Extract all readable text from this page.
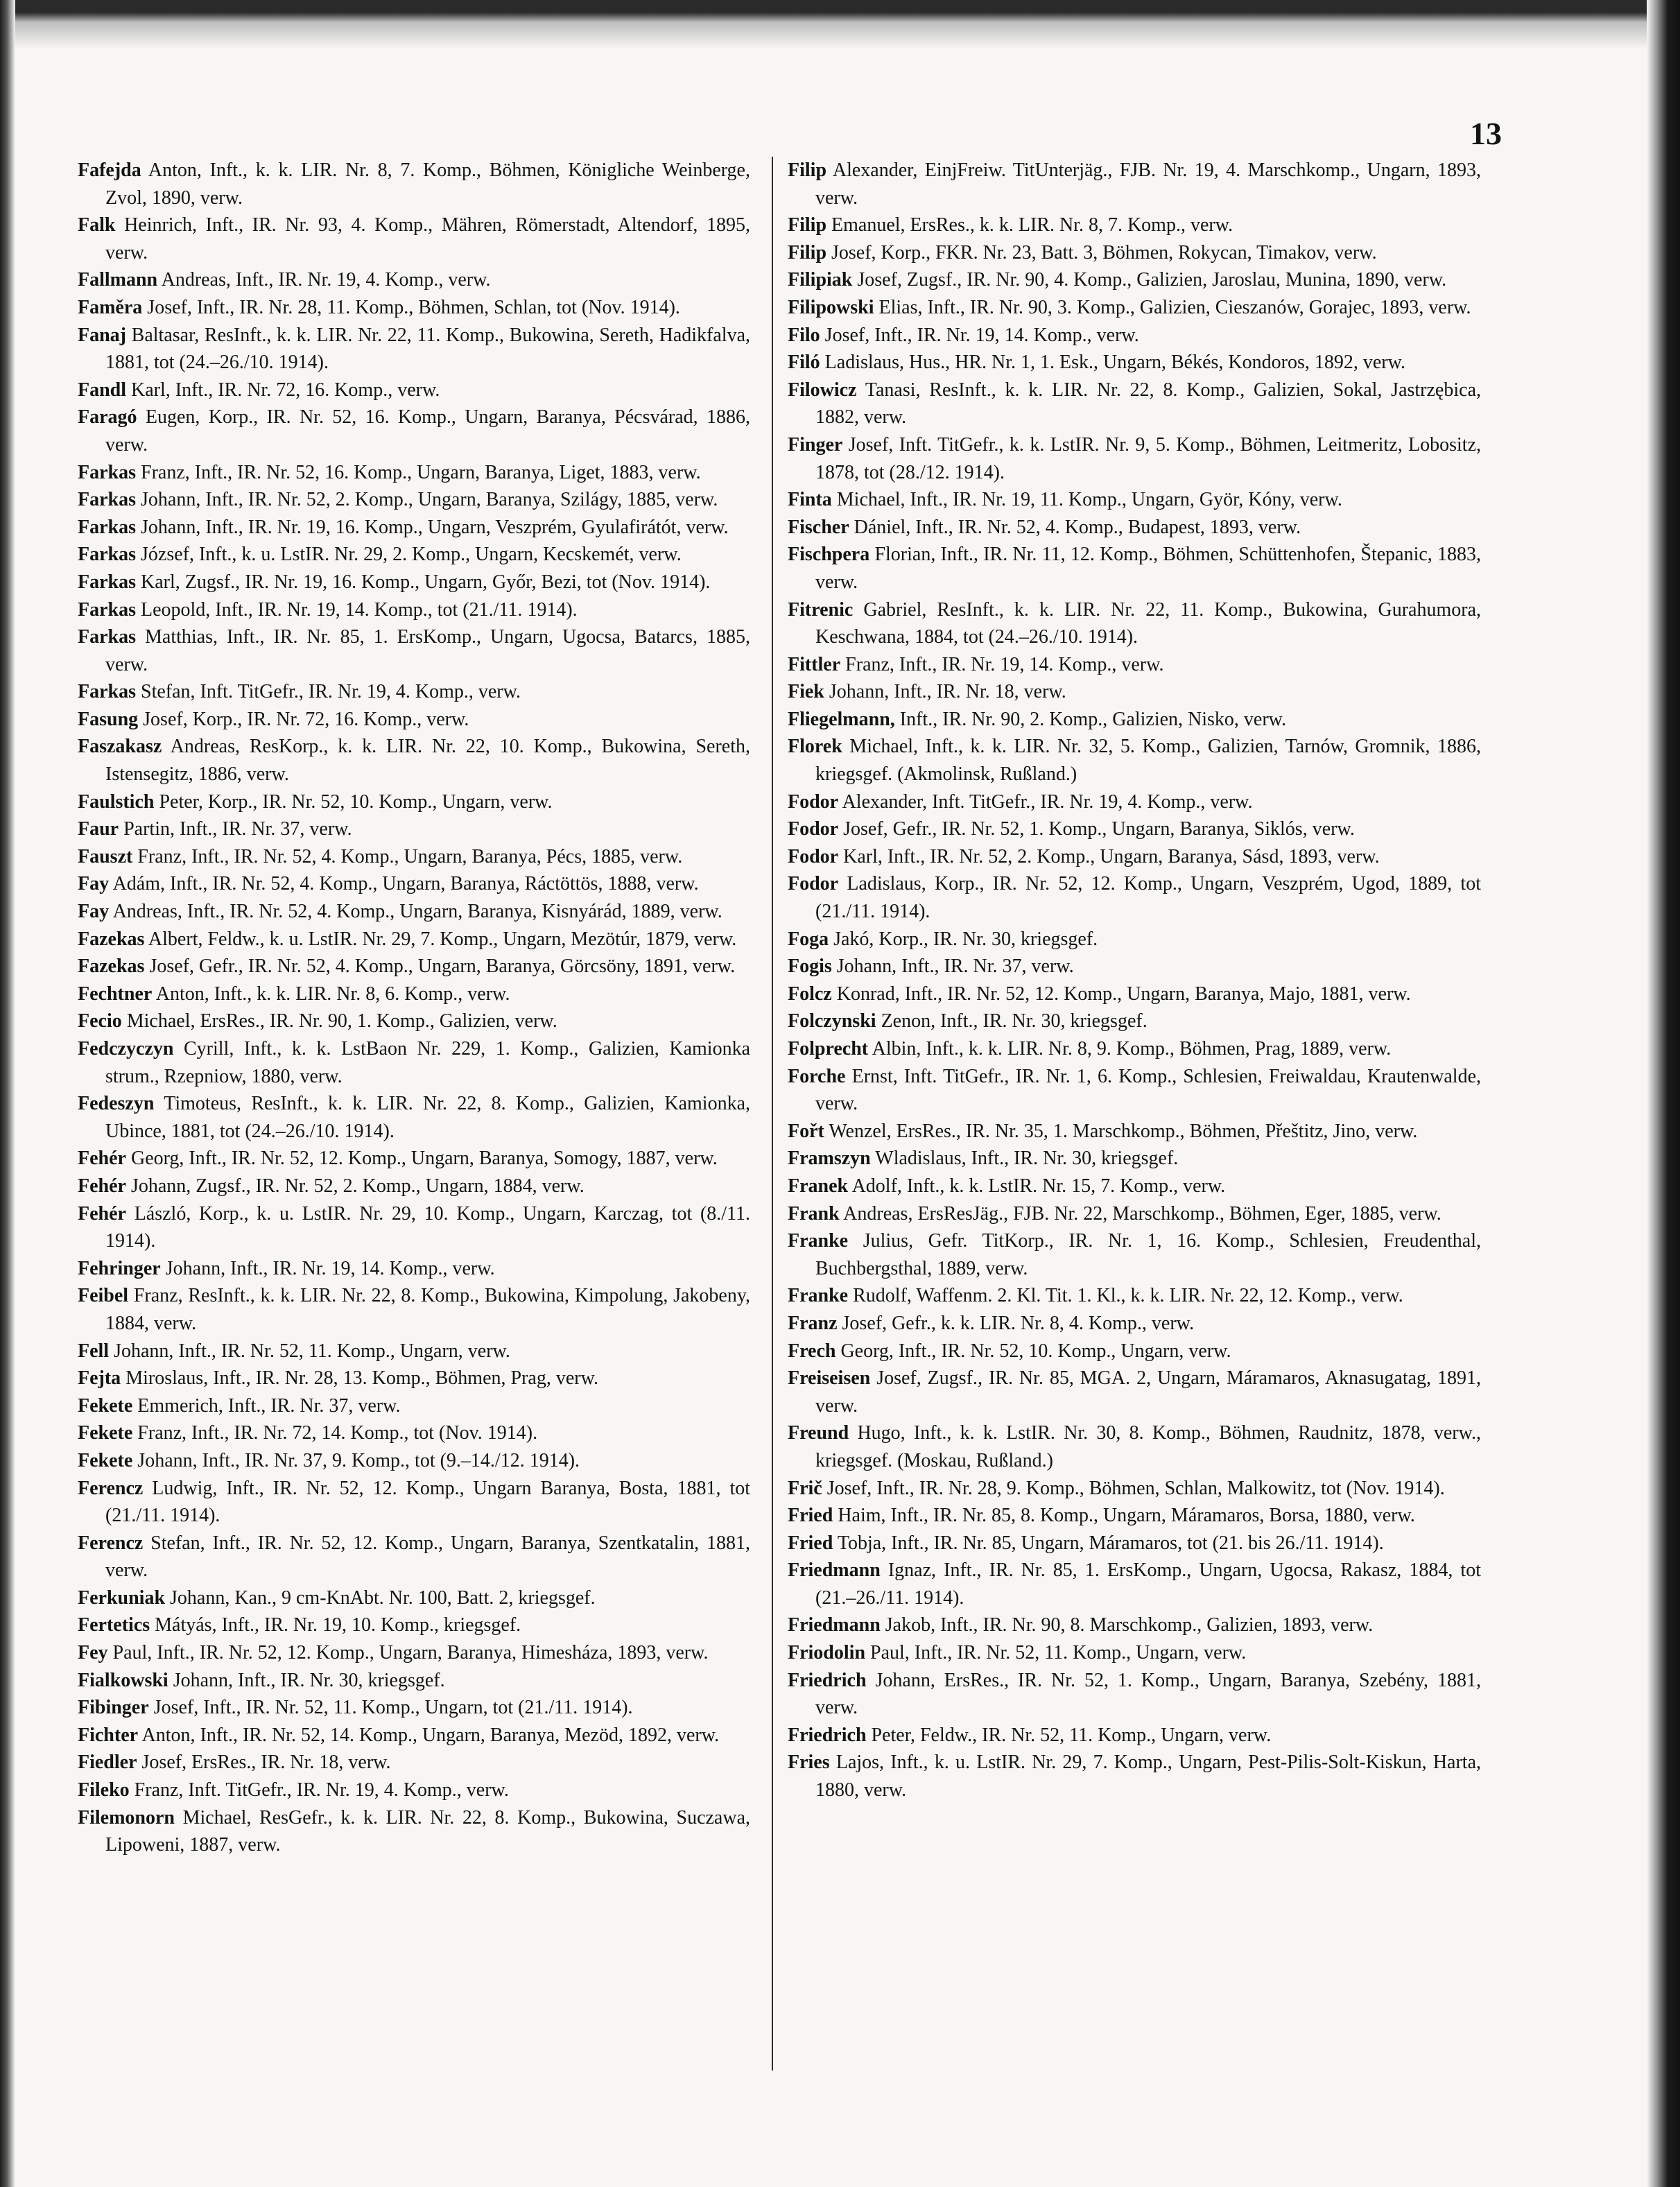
13

Fafejda Anton, Inft., k. k. LIR. Nr. 8, 7. Komp., Böhmen, Königliche Weinberge, Zvol, 1890, verw.

Falk Heinrich, Inft., IR. Nr. 93, 4. Komp., Mähren, Römerstadt, Altendorf, 1895, verw.

Fallmann Andreas, Inft., IR. Nr. 19, 4. Komp., verw.

Faměra Josef, Inft., IR. Nr. 28, 11. Komp., Böhmen, Schlan, tot (Nov. 1914).

Fanaj Baltasar, ResInft., k. k. LIR. Nr. 22, 11. Komp., Bukowina, Sereth, Hadikfalva, 1881, tot (24.–26./10. 1914).

Fandl Karl, Inft., IR. Nr. 72, 16. Komp., verw.

Faragó Eugen, Korp., IR. Nr. 52, 16. Komp., Ungarn, Baranya, Pécsvárad, 1886, verw.

Farkas Franz, Inft., IR. Nr. 52, 16. Komp., Ungarn, Baranya, Liget, 1883, verw.

Farkas Johann, Inft., IR. Nr. 52, 2. Komp., Ungarn, Baranya, Szilágy, 1885, verw.

Farkas Johann, Inft., IR. Nr. 19, 16. Komp., Ungarn, Veszprém, Gyulafirátót, verw.

Farkas József, Inft., k. u. LstIR. Nr. 29, 2. Komp., Ungarn, Kecskemét, verw.

Farkas Karl, Zugsf., IR. Nr. 19, 16. Komp., Ungarn, Győr, Bezi, tot (Nov. 1914).

Farkas Leopold, Inft., IR. Nr. 19, 14. Komp., tot (21./11. 1914).

Farkas Matthias, Inft., IR. Nr. 85, 1. ErsKomp., Ungarn, Ugocsa, Batarcs, 1885, verw.

Farkas Stefan, Inft. TitGefr., IR. Nr. 19, 4. Komp., verw.

Fasung Josef, Korp., IR. Nr. 72, 16. Komp., verw.

Faszakasz Andreas, ResKorp., k. k. LIR. Nr. 22, 10. Komp., Bukowina, Sereth, Istensegitz, 1886, verw.

Faulstich Peter, Korp., IR. Nr. 52, 10. Komp., Ungarn, verw.

Faur Partin, Inft., IR. Nr. 37, verw.

Fauszt Franz, Inft., IR. Nr. 52, 4. Komp., Ungarn, Baranya, Pécs, 1885, verw.

Fay Adám, Inft., IR. Nr. 52, 4. Komp., Ungarn, Baranya, Ráctöttös, 1888, verw.

Fay Andreas, Inft., IR. Nr. 52, 4. Komp., Ungarn, Baranya, Kisnyárád, 1889, verw.

Fazekas Albert, Feldw., k. u. LstIR. Nr. 29, 7. Komp., Ungarn, Mezötúr, 1879, verw.

Fazekas Josef, Gefr., IR. Nr. 52, 4. Komp., Ungarn, Baranya, Görcsöny, 1891, verw.

Fechtner Anton, Inft., k. k. LIR. Nr. 8, 6. Komp., verw.

Fecio Michael, ErsRes., IR. Nr. 90, 1. Komp., Galizien, verw.

Fedczyczyn Cyrill, Inft., k. k. LstBaon Nr. 229, 1. Komp., Galizien, Kamionka strum., Rzepniow, 1880, verw.

Fedeszyn Timoteus, ResInft., k. k. LIR. Nr. 22, 8. Komp., Galizien, Kamionka, Ubince, 1881, tot (24.–26./10. 1914).

Fehér Georg, Inft., IR. Nr. 52, 12. Komp., Ungarn, Baranya, Somogy, 1887, verw.

Fehér Johann, Zugsf., IR. Nr. 52, 2. Komp., Ungarn, 1884, verw.

Fehér László, Korp., k. u. LstIR. Nr. 29, 10. Komp., Ungarn, Karczag, tot (8./11. 1914).

Fehringer Johann, Inft., IR. Nr. 19, 14. Komp., verw.

Feibel Franz, ResInft., k. k. LIR. Nr. 22, 8. Komp., Bukowina, Kimpolung, Jakobeny, 1884, verw.

Fell Johann, Inft., IR. Nr. 52, 11. Komp., Ungarn, verw.

Fejta Miroslaus, Inft., IR. Nr. 28, 13. Komp., Böhmen, Prag, verw.

Fekete Emmerich, Inft., IR. Nr. 37, verw.

Fekete Franz, Inft., IR. Nr. 72, 14. Komp., tot (Nov. 1914).

Fekete Johann, Inft., IR. Nr. 37, 9. Komp., tot (9.–14./12. 1914).

Ferencz Ludwig, Inft., IR. Nr. 52, 12. Komp., Ungarn Baranya, Bosta, 1881, tot (21./11. 1914).

Ferencz Stefan, Inft., IR. Nr. 52, 12. Komp., Ungarn, Baranya, Szentkatalin, 1881, verw.

Ferkuniak Johann, Kan., 9 cm-KnAbt. Nr. 100, Batt. 2, kriegsgef.

Fertetics Mátyás, Inft., IR. Nr. 19, 10. Komp., kriegsgef.

Fey Paul, Inft., IR. Nr. 52, 12. Komp., Ungarn, Baranya, Himesháza, 1893, verw.

Fialkowski Johann, Inft., IR. Nr. 30, kriegsgef.

Fibinger Josef, Inft., IR. Nr. 52, 11. Komp., Ungarn, tot (21./11. 1914).

Fichter Anton, Inft., IR. Nr. 52, 14. Komp., Ungarn, Baranya, Mezöd, 1892, verw.

Fiedler Josef, ErsRes., IR. Nr. 18, verw.

Fileko Franz, Inft. TitGefr., IR. Nr. 19, 4. Komp., verw.

Filemonorn Michael, ResGefr., k. k. LIR. Nr. 22, 8. Komp., Bukowina, Suczawa, Lipoweni, 1887, verw.

Filip Alexander, EinjFreiw. TitUnterjäg., FJB. Nr. 19, 4. Marschkomp., Ungarn, 1893, verw.

Filip Emanuel, ErsRes., k. k. LIR. Nr. 8, 7. Komp., verw.

Filip Josef, Korp., FKR. Nr. 23, Batt. 3, Böhmen, Rokycan, Timakov, verw.

Filipiak Josef, Zugsf., IR. Nr. 90, 4. Komp., Galizien, Jaroslau, Munina, 1890, verw.

Filipowski Elias, Inft., IR. Nr. 90, 3. Komp., Galizien, Cieszanów, Gorajec, 1893, verw.

Filo Josef, Inft., IR. Nr. 19, 14. Komp., verw.

Filó Ladislaus, Hus., HR. Nr. 1, 1. Esk., Ungarn, Békés, Kondoros, 1892, verw.

Filowicz Tanasi, ResInft., k. k. LIR. Nr. 22, 8. Komp., Galizien, Sokal, Jastrzębica, 1882, verw.

Finger Josef, Inft. TitGefr., k. k. LstIR. Nr. 9, 5. Komp., Böhmen, Leitmeritz, Lobositz, 1878, tot (28./12. 1914).

Finta Michael, Inft., IR. Nr. 19, 11. Komp., Ungarn, Györ, Kóny, verw.

Fischer Dániel, Inft., IR. Nr. 52, 4. Komp., Budapest, 1893, verw.

Fischpera Florian, Inft., IR. Nr. 11, 12. Komp., Böhmen, Schüttenhofen, Štepanic, 1883, verw.

Fitrenic Gabriel, ResInft., k. k. LIR. Nr. 22, 11. Komp., Bukowina, Gurahumora, Keschwana, 1884, tot (24.–26./10. 1914).

Fittler Franz, Inft., IR. Nr. 19, 14. Komp., verw.

Fiek Johann, Inft., IR. Nr. 18, verw.

Fliegelmann, Inft., IR. Nr. 90, 2. Komp., Galizien, Nisko, verw.

Florek Michael, Inft., k. k. LIR. Nr. 32, 5. Komp., Galizien, Tarnów, Gromnik, 1886, kriegsgef. (Akmolinsk, Rußland.)

Fodor Alexander, Inft. TitGefr., IR. Nr. 19, 4. Komp., verw.

Fodor Josef, Gefr., IR. Nr. 52, 1. Komp., Ungarn, Baranya, Siklós, verw.

Fodor Karl, Inft., IR. Nr. 52, 2. Komp., Ungarn, Baranya, Sásd, 1893, verw.

Fodor Ladislaus, Korp., IR. Nr. 52, 12. Komp., Ungarn, Veszprém, Ugod, 1889, tot (21./11. 1914).

Foga Jakó, Korp., IR. Nr. 30, kriegsgef.

Fogis Johann, Inft., IR. Nr. 37, verw.

Folcz Konrad, Inft., IR. Nr. 52, 12. Komp., Ungarn, Baranya, Majo, 1881, verw.

Folczynski Zenon, Inft., IR. Nr. 30, kriegsgef.

Folprecht Albin, Inft., k. k. LIR. Nr. 8, 9. Komp., Böhmen, Prag, 1889, verw.

Forche Ernst, Inft. TitGefr., IR. Nr. 1, 6. Komp., Schlesien, Freiwaldau, Krautenwalde, verw.

Fořt Wenzel, ErsRes., IR. Nr. 35, 1. Marschkomp., Böhmen, Přeštitz, Jino, verw.

Framszyn Wladislaus, Inft., IR. Nr. 30, kriegsgef.

Franek Adolf, Inft., k. k. LstIR. Nr. 15, 7. Komp., verw.

Frank Andreas, ErsResJäg., FJB. Nr. 22, Marschkomp., Böhmen, Eger, 1885, verw.

Franke Julius, Gefr. TitKorp., IR. Nr. 1, 16. Komp., Schlesien, Freudenthal, Buchbergsthal, 1889, verw.

Franke Rudolf, Waffenm. 2. Kl. Tit. 1. Kl., k. k. LIR. Nr. 22, 12. Komp., verw.

Franz Josef, Gefr., k. k. LIR. Nr. 8, 4. Komp., verw.

Frech Georg, Inft., IR. Nr. 52, 10. Komp., Ungarn, verw.

Freiseisen Josef, Zugsf., IR. Nr. 85, MGA. 2, Ungarn, Máramaros, Aknasugatag, 1891, verw.

Freund Hugo, Inft., k. k. LstIR. Nr. 30, 8. Komp., Böhmen, Raudnitz, 1878, verw., kriegsgef. (Moskau, Rußland.)

Frič Josef, Inft., IR. Nr. 28, 9. Komp., Böhmen, Schlan, Malkowitz, tot (Nov. 1914).

Fried Haim, Inft., IR. Nr. 85, 8. Komp., Ungarn, Máramaros, Borsa, 1880, verw.

Fried Tobja, Inft., IR. Nr. 85, Ungarn, Máramaros, tot (21. bis 26./11. 1914).

Friedmann Ignaz, Inft., IR. Nr. 85, 1. ErsKomp., Ungarn, Ugocsa, Rakasz, 1884, tot (21.–26./11. 1914).

Friedmann Jakob, Inft., IR. Nr. 90, 8. Marschkomp., Galizien, 1893, verw.

Friodolin Paul, Inft., IR. Nr. 52, 11. Komp., Ungarn, verw.

Friedrich Johann, ErsRes., IR. Nr. 52, 1. Komp., Ungarn, Baranya, Szebény, 1881, verw.

Friedrich Peter, Feldw., IR. Nr. 52, 11. Komp., Ungarn, verw.

Fries Lajos, Inft., k. u. LstIR. Nr. 29, 7. Komp., Ungarn, Pest-Pilis-Solt-Kiskun, Harta, 1880, verw.
